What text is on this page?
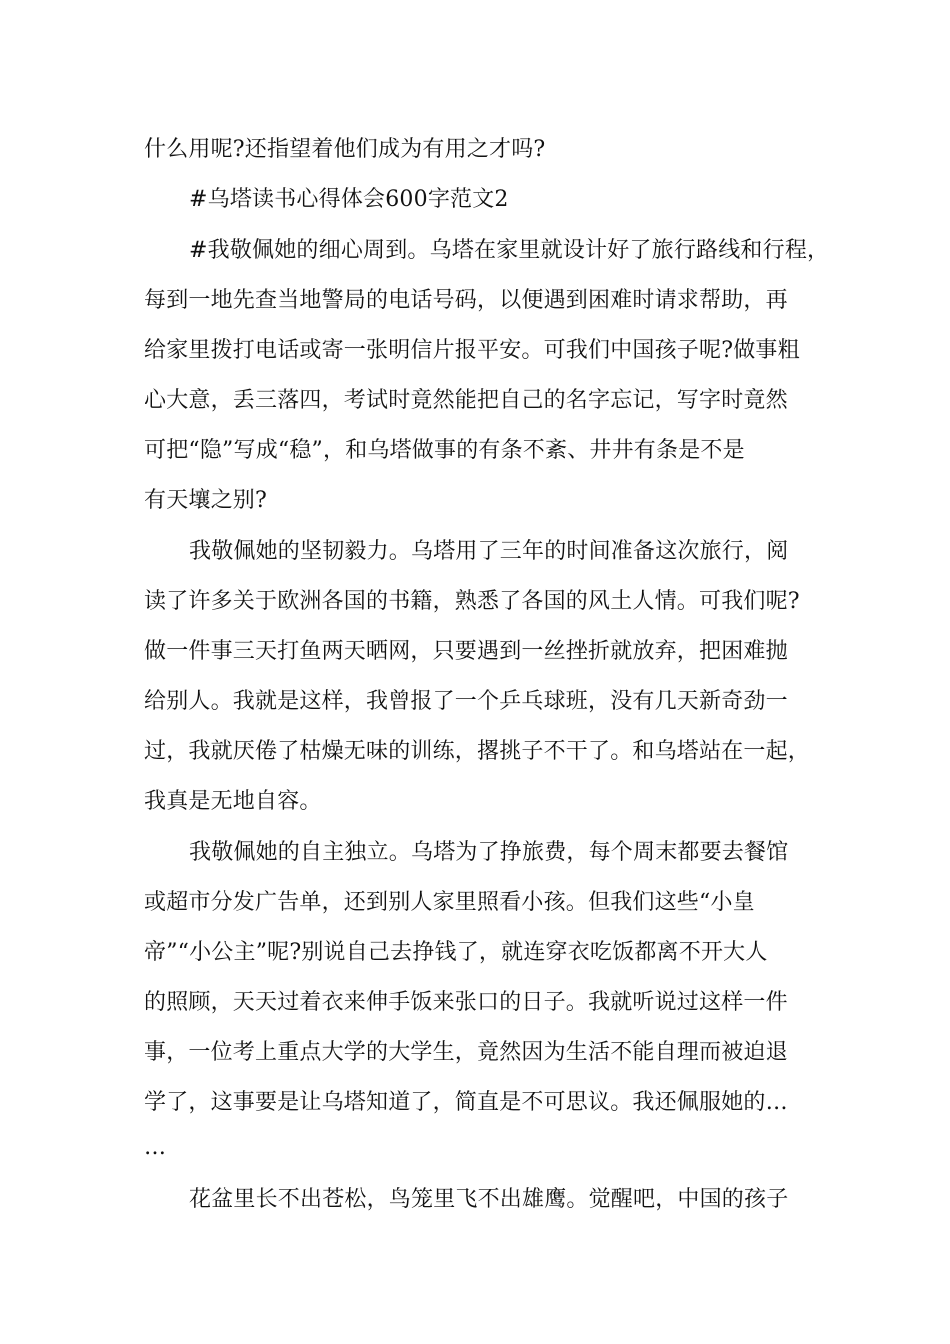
什么用呢?还指望着他们成为有用之才吗?
#乌塔读书心得体会600字范文2
#我敬佩她的细心周到。乌塔在家里就设计好了旅行路线和行程，
每到一地先查当地警局的电话号码，以便遇到困难时请求帮助，再
给家里拨打电话或寄一张明信片报平安。可我们中国孩子呢?做事粗
心大意，丢三落四，考试时竟然能把自己的名字忘记，写字时竟然
可把“隐”写成“稳”，和乌塔做事的有条不紊、井井有条是不是
有天壤之别?
我敬佩她的坚韧毅力。乌塔用了三年的时间准备这次旅行，阅
读了许多关于欧洲各国的书籍，熟悉了各国的风土人情。可我们呢?
做一件事三天打鱼两天晒网，只要遇到一丝挫折就放弃，把困难抛
给别人。我就是这样，我曾报了一个乒乓球班，没有几天新奇劲一
过，我就厌倦了枯燥无味的训练，撂挑子不干了。和乌塔站在一起，
我真是无地自容。
我敬佩她的自主独立。乌塔为了挣旅费，每个周末都要去餐馆
或超市分发广告单，还到别人家里照看小孩。但我们这些“小皇
帝”“小公主”呢?别说自己去挣钱了，就连穿衣吃饭都离不开大人
的照顾，天天过着衣来伸手饭来张口的日子。我就听说过这样一件
事，一位考上重点大学的大学生，竟然因为生活不能自理而被迫退
学了，这事要是让乌塔知道了，简直是不可思议。我还佩服她的…
…
花盆里长不出苍松，鸟笼里飞不出雄鹰。觉醒吧，中国的孩子
